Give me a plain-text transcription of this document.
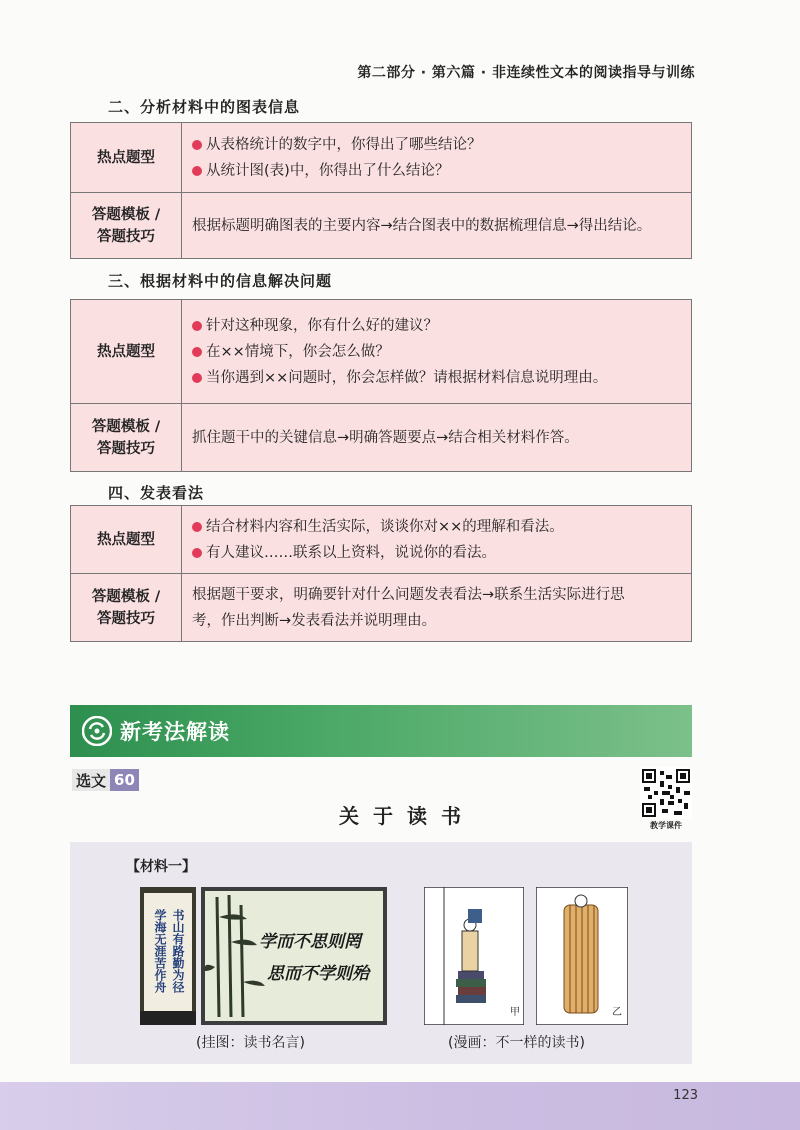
第二部分 · 第六篇 · 非连续性文本的阅读指导与训练
二、分析材料中的图表信息
热点题型	从表格统计的数字中，你得出了哪些结论？
从统计图(表)中，你得出了什么结论？

答题模板 /
答题技巧	根据标题明确图表的主要内容→结合图表中的数据梳理信息→得出结论。
三、根据材料中的信息解决问题
热点题型	针对这种现象，你有什么好的建议？
在××情境下，你会怎么做？
当你遇到××问题时，你会怎样做？请根据材料信息说明理由。

答题模板 /
答题技巧	抓住题干中的关键信息→明确答题要点→结合相关材料作答。
四、发表看法
热点题型	结合材料内容和生活实际，谈谈你对××的理解和看法。
有人建议……联系以上资料，说说你的看法。

答题模板 /
答题技巧	根据题干要求，明确要针对什么问题发表看法→联系生活实际进行思
考，作出判断→发表看法并说明理由。
新考法解读
选文 60
关于读书	教学课件
【材料一】
书山有路勤为径
学海无涯苦作舟	学而不思则罔
思而不学则殆
甲	乙
(挂图：读书名言)	(漫画：不一样的读书)
123
